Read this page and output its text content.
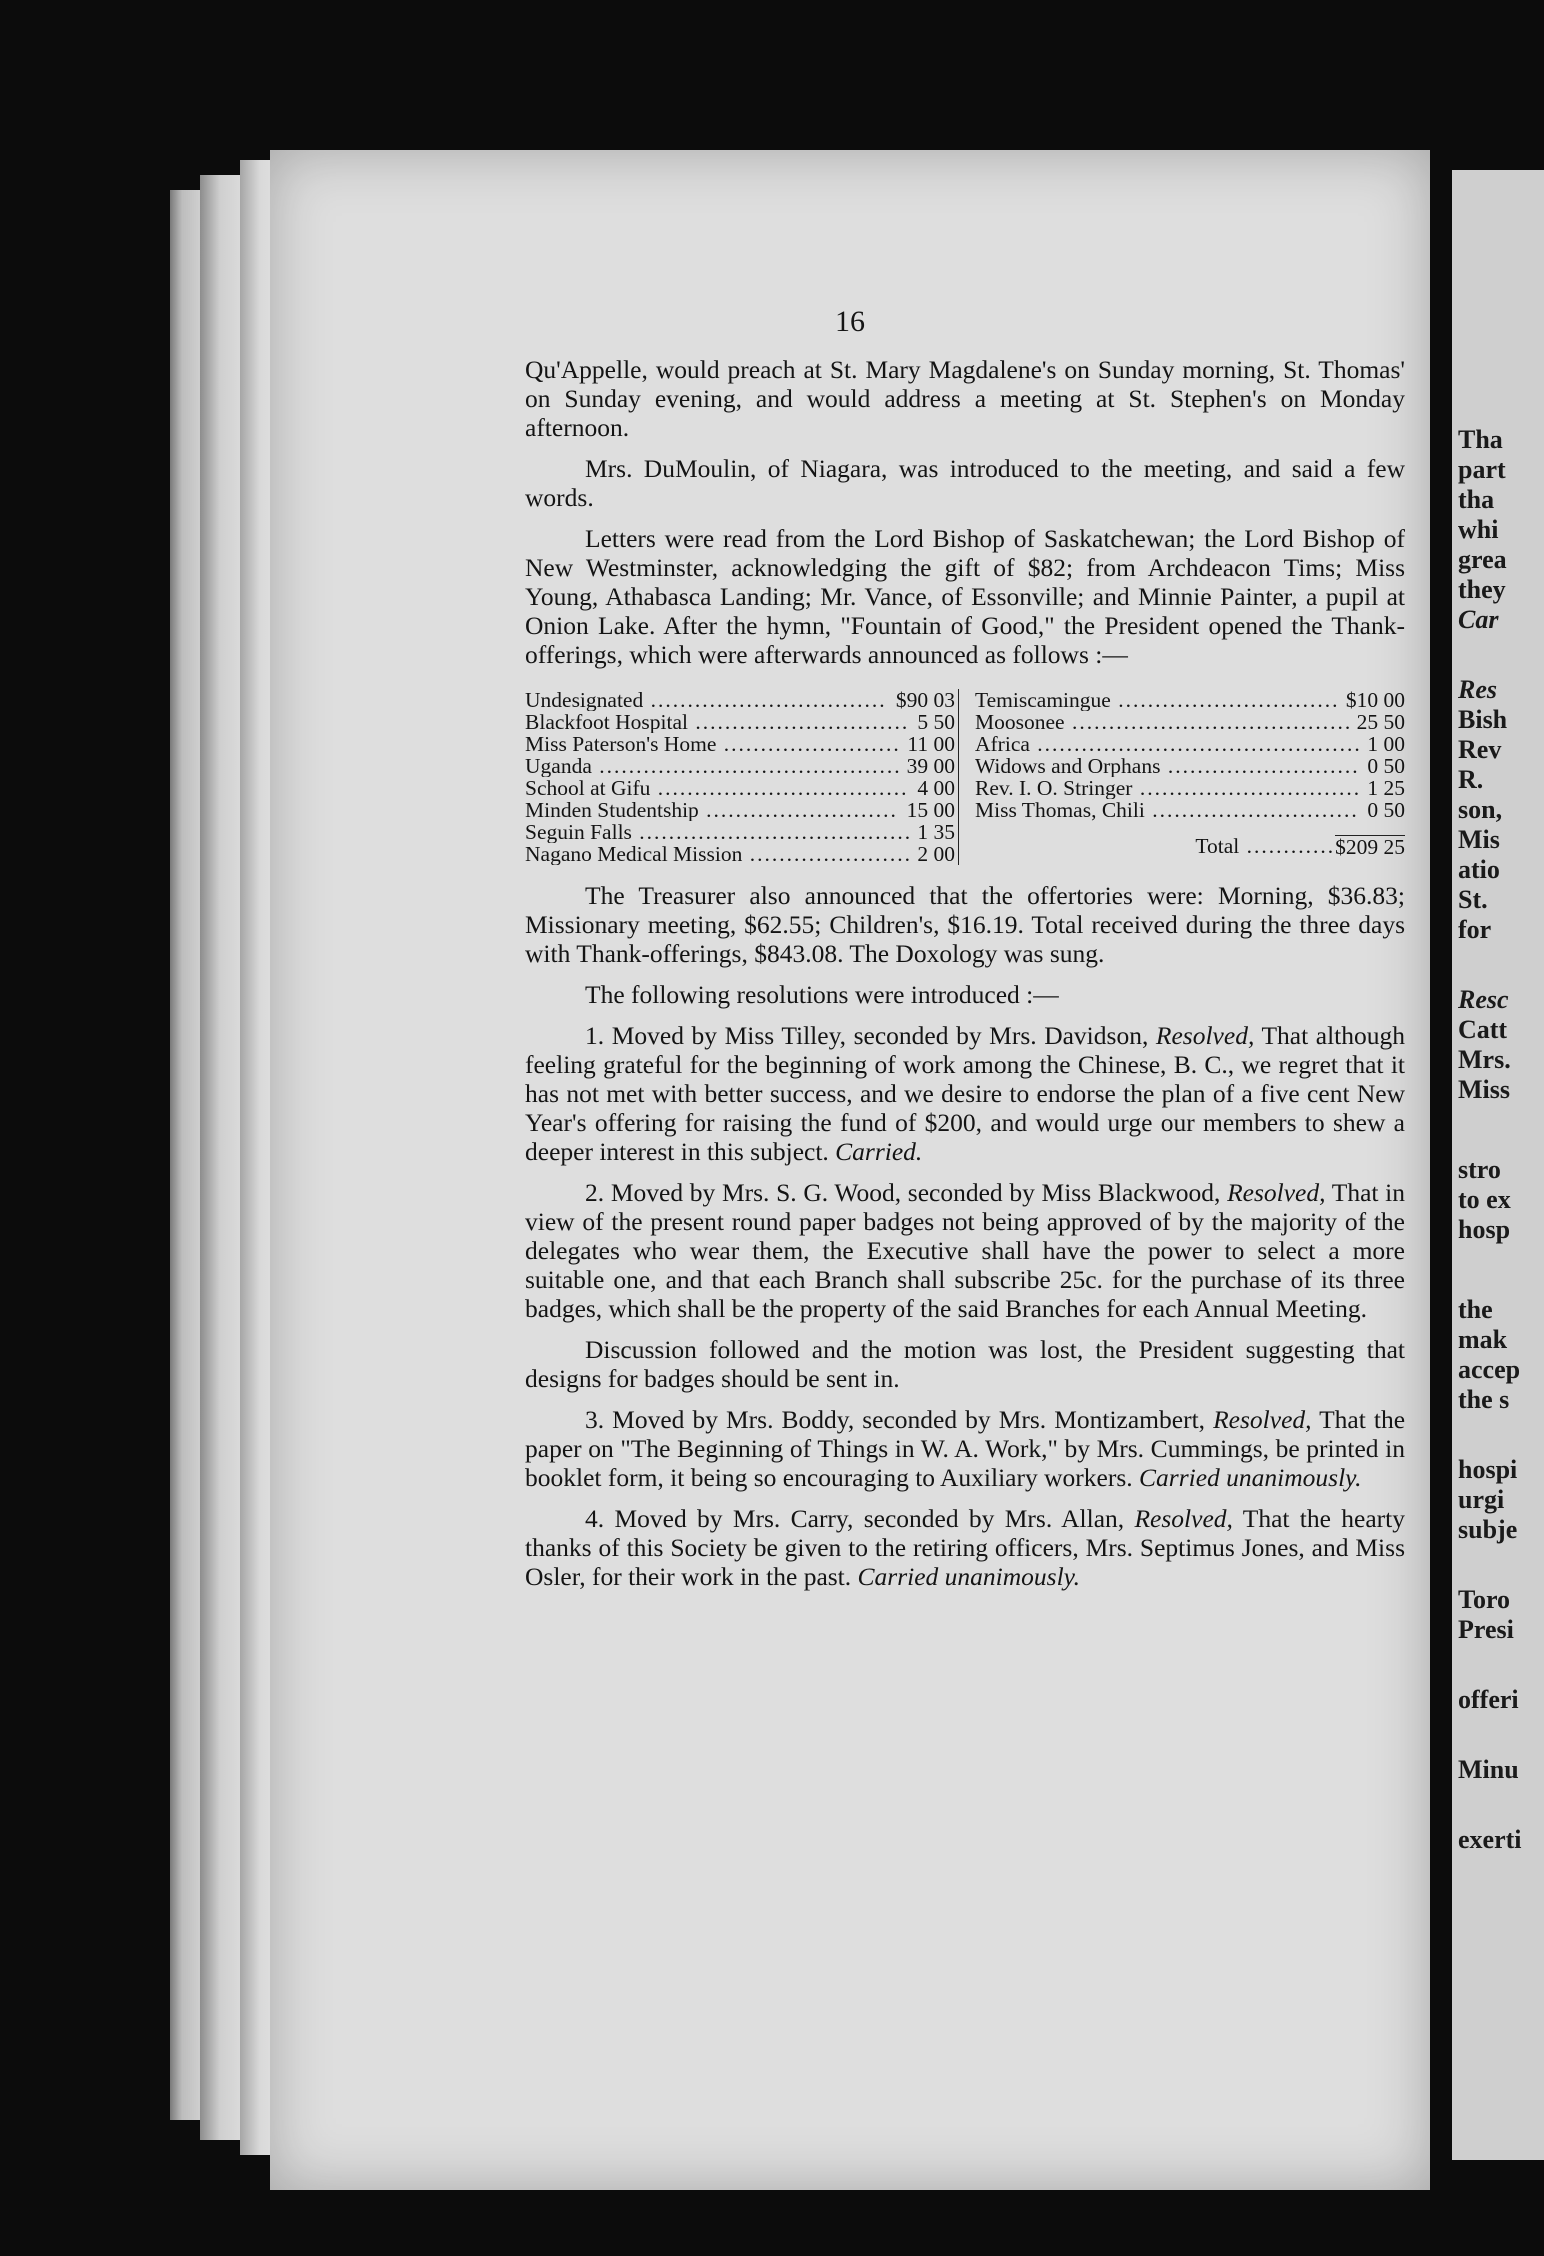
16

Qu'Appelle, would preach at St. Mary Magdalene's on Sunday morning, St. Thomas' on Sunday evening, and would address a meeting at St. Stephen's on Monday afternoon.

Mrs. DuMoulin, of Niagara, was introduced to the meeting, and said a few words.

Letters were read from the Lord Bishop of Saskatchewan; the Lord Bishop of New Westminster, acknowledging the gift of $82; from Archdeacon Tims; Miss Young, Athabasca Landing; Mr. Vance, of Essonville; and Minnie Painter, a pupil at Onion Lake. After the hymn, "Fountain of Good," the President opened the Thank-offerings, which were afterwards announced as follows :—

Undesignated .....	$90 03
Blackfoot Hospital .....	5 50
Miss Paterson's Home .....	11 00
Uganda .....	39 00
School at Gifu .....	4 00
Minden Studentship .....	15 00
Seguin Falls .....	1 35
Nagano Medical Mission .....	2 00
Temiscamingue .....	$10 00
Moosonee .....	25 50
Africa .....	1 00
Widows and Orphans .....	0 50
Rev. I. O. Stringer .....	1 25
Miss Thomas, Chili .....	0 50
Total .....	$209 25

The Treasurer also announced that the offertories were: Morning, $36.83; Missionary meeting, $62.55; Children's, $16.19. Total received during the three days with Thank-offerings, $843.08. The Doxology was sung.

The following resolutions were introduced :—

1. Moved by Miss Tilley, seconded by Mrs. Davidson, Resolved, That although feeling grateful for the beginning of work among the Chinese, B. C., we regret that it has not met with better success, and we desire to endorse the plan of a five cent New Year's offering for raising the fund of $200, and would urge our members to shew a deeper interest in this subject. Carried.

2. Moved by Mrs. S. G. Wood, seconded by Miss Blackwood, Resolved, That in view of the present round paper badges not being approved of by the majority of the delegates who wear them, the Executive shall have the power to select a more suitable one, and that each Branch shall subscribe 25c. for the purchase of its three badges, which shall be the property of the said Branches for each Annual Meeting.

Discussion followed and the motion was lost, the President suggesting that designs for badges should be sent in.

3. Moved by Mrs. Boddy, seconded by Mrs. Montizambert, Resolved, That the paper on "The Beginning of Things in W. A. Work," by Mrs. Cummings, be printed in booklet form, it being so encouraging to Auxiliary workers. Carried unanimously.

4. Moved by Mrs. Carry, seconded by Mrs. Allan, Resolved, That the hearty thanks of this Society be given to the retiring officers, Mrs. Septimus Jones, and Miss Osler, for their work in the past. Carried unanimously.

Tha
part
tha
whi
grea
they
Car
Res
Bish
Rev
R.
son,
Mis
atio
St.
for
Resc
Catt
Mrs.
Miss
stro
to ex
hosp
the
mak
accep
the s
hospi
urgi
subje
Toro
Presi
offeri
Minu
exerti
